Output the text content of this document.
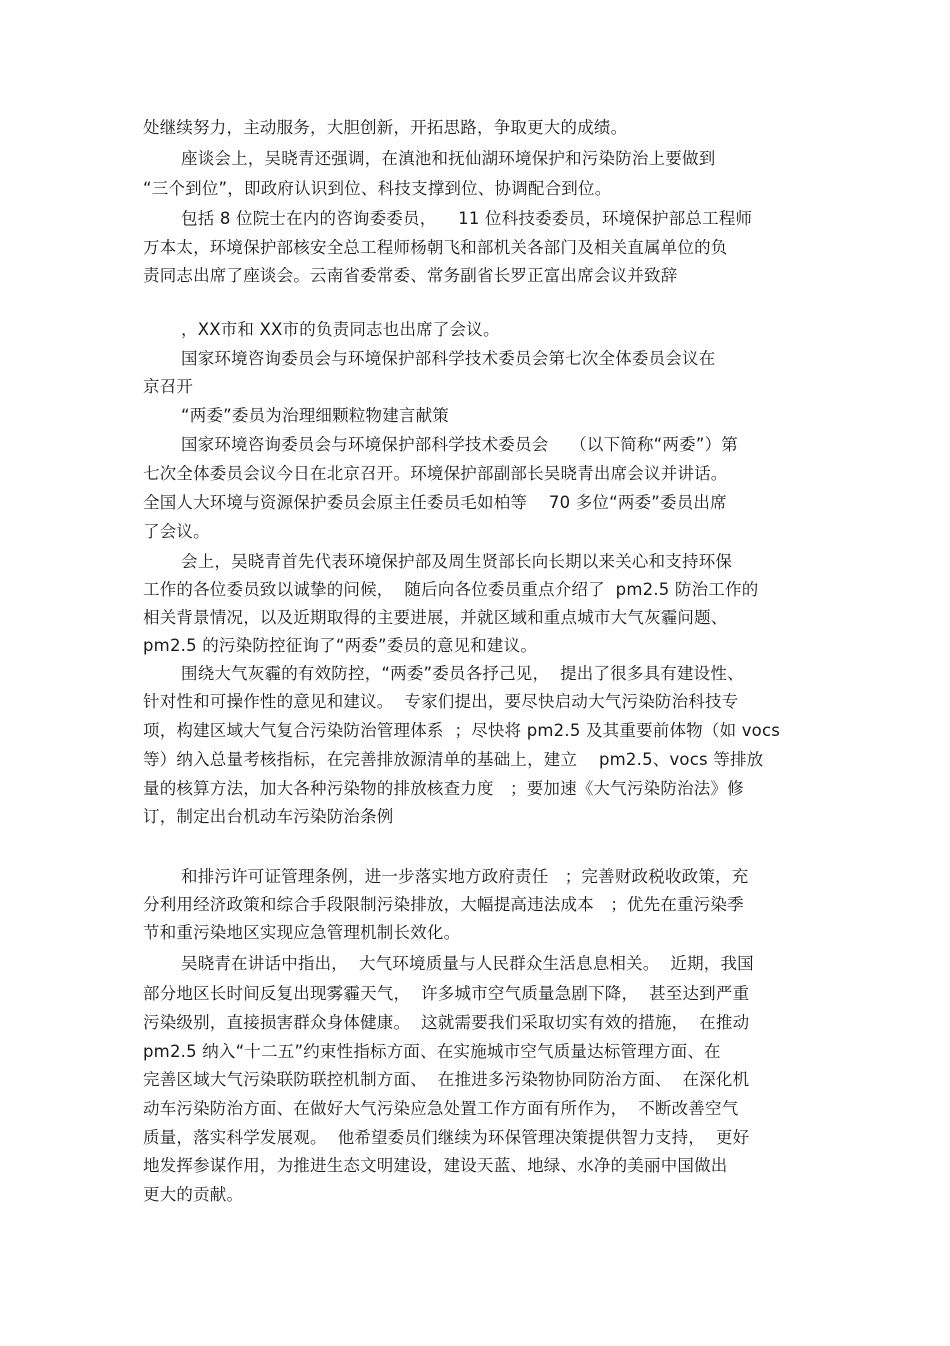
处继续努力，主动服务，大胆创新，开拓思路，争取更大的成绩。
座谈会上，吴晓青还强调，在滇池和抚仙湖环境保护和污染防治上要做到
“三个到位”，即政府认识到位、科技支撑到位、协调配合到位。
包括 8 位院士在内的咨询委委员，    11 位科技委委员，环境保护部总工程师
万本太，环境保护部核安全总工程师杨朝飞和部机关各部门及相关直属单位的负
责同志出席了座谈会。云南省委常委、常务副省长罗正富出席会议并致辞
，XX市和 XX市的负责同志也出席了会议。
国家环境咨询委员会与环境保护部科学技术委员会第七次全体委员会议在
京召开
“两委”委员为治理细颗粒物建言献策
国家环境咨询委员会与环境保护部科学技术委员会    （以下简称“两委”）第
七次全体委员会议今日在北京召开。环境保护部副部长吴晓青出席会议并讲话。
全国人大环境与资源保护委员会原主任委员毛如柏等    70 多位“两委”委员出席
了会议。
会上，吴晓青首先代表环境保护部及周生贤部长向长期以来关心和支持环保
工作的各位委员致以诚挚的问候，  随后向各位委员重点介绍了  pm2.5 防治工作的
相关背景情况，以及近期取得的主要进展，并就区域和重点城市大气灰霾问题、
pm2.5 的污染防控征询了“两委”委员的意见和建议。
围绕大气灰霾的有效防控，“两委”委员各抒己见，  提出了很多具有建设性、
针对性和可操作性的意见和建议。  专家们提出，要尽快启动大气污染防治科技专
项，构建区域大气复合污染防治管理体系  ；尽快将 pm2.5 及其重要前体物（如 vocs
等）纳入总量考核指标，在完善排放源清单的基础上，建立    pm2.5、vocs 等排放
量的核算方法，加大各种污染物的排放核查力度   ；要加速《大气污染防治法》修
订，制定出台机动车污染防治条例
和排污许可证管理条例，进一步落实地方政府责任   ；完善财政税收政策，充
分利用经济政策和综合手段限制污染排放，大幅提高违法成本   ；优先在重污染季
节和重污染地区实现应急管理机制长效化。
吴晓青在讲话中指出，  大气环境质量与人民群众生活息息相关。  近期，我国
部分地区长时间反复出现雾霾天气，  许多城市空气质量急剧下降，  甚至达到严重
污染级别，直接损害群众身体健康。  这就需要我们采取切实有效的措施，  在推动
pm2.5 纳入“十二五”约束性指标方面、在实施城市空气质量达标管理方面、在
完善区域大气污染联防联控机制方面、  在推进多污染物协同防治方面、  在深化机
动车污染防治方面、在做好大气污染应急处置工作方面有所作为，  不断改善空气
质量，落实科学发展观。  他希望委员们继续为环保管理决策提供智力支持，  更好
地发挥参谋作用，为推进生态文明建设，建设天蓝、地绿、水净的美丽中国做出
更大的贡献。
